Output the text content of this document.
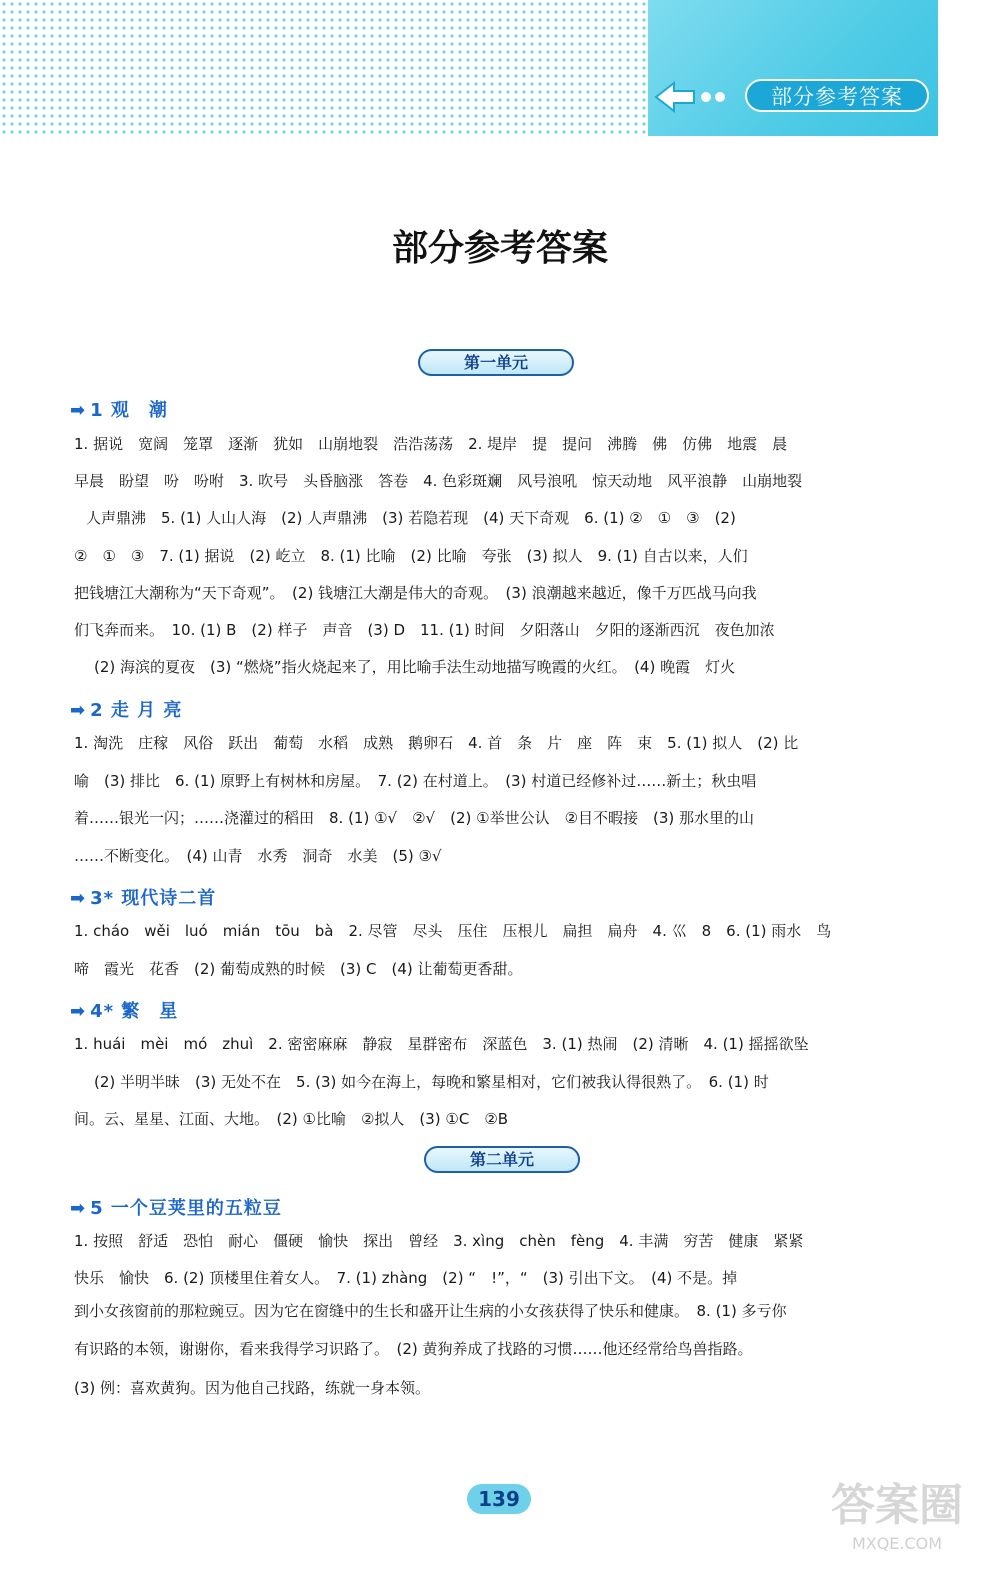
部分参考答案
部分参考答案
第一单元
➡ 1 观　潮
1. 据说　宽阔　笼罩　逐渐　犹如　山崩地裂　浩浩荡荡　2. 堤岸　提　提问　沸腾　佛　仿佛　地震　晨
早晨　盼望　吩　吩咐　3. 吹号　头昏脑涨　答卷　4. 色彩斑斓　风号浪吼　惊天动地　风平浪静　山崩地裂
人声鼎沸　5. (1) 人山人海　(2) 人声鼎沸　(3) 若隐若现　(4) 天下奇观　6. (1) ②　①　③　(2)
②　①　③　7. (1) 据说　(2) 屹立　8. (1) 比喻　(2) 比喻　夸张　(3) 拟人　9. (1) 自古以来，人们
把钱塘江大潮称为“天下奇观”。　(2) 钱塘江大潮是伟大的奇观。　(3) 浪潮越来越近，像千万匹战马向我
们飞奔而来。　10. (1) B　(2) 样子　声音　(3) D　11. (1) 时间　夕阳落山　夕阳的逐渐西沉　夜色加浓
(2) 海滨的夏夜　(3) “燃烧”指火烧起来了，用比喻手法生动地描写晚霞的火红。　(4) 晚霞　灯火
➡ 2 走 月 亮
1. 淘洗　庄稼　风俗　跃出　葡萄　水稻　成熟　鹅卵石　4. 首　条　片　座　阵　束　5. (1) 拟人　(2) 比
喻　(3) 排比　6. (1) 原野上有树林和房屋。　7. (2) 在村道上。　(3) 村道已经修补过……新土；秋虫唱
着……银光一闪；……浇灌过的稻田　8. (1) ①√　②√　(2) ①举世公认　②目不暇接　(3) 那水里的山
……不断变化。　(4) 山青　水秀　洞奇　水美　(5) ③√
➡ 3* 现代诗二首
1. cháo　wěi　luó　mián　tōu　bà　2. 尽管　尽头　压住　压根儿　扁担　扁舟　4. 巛　8　6. (1) 雨水　鸟
啼　霞光　花香　(2) 葡萄成熟的时候　(3) C　(4) 让葡萄更香甜。
➡ 4* 繁　星
1. huái　mèi　mó　zhuì　2. 密密麻麻　静寂　星群密布　深蓝色　3. (1) 热闹　(2) 清晰　4. (1) 摇摇欲坠
(2) 半明半昧　(3) 无处不在　5. (3) 如今在海上，每晚和繁星相对，它们被我认得很熟了。　6. (1) 时
间。云、星星、江面、大地。　(2) ①比喻　②拟人　(3) ①C　②B
第二单元
➡ 5 一个豆荚里的五粒豆
1. 按照　舒适　恐怕　耐心　僵硬　愉快　探出　曾经　3. xìng　chèn　fèng　4. 丰满　穷苦　健康　紧紧
快乐　愉快　6. (2) 顶楼里住着女人。　7. (1) zhàng　(2) “　!”，“　(3) 引出下文。　(4) 不是。掉
到小女孩窗前的那粒豌豆。因为它在窗缝中的生长和盛开让生病的小女孩获得了快乐和健康。　8. (1) 多亏你
有识路的本领，谢谢你，看来我得学习识路了。　(2) 黄狗养成了找路的习惯……他还经常给鸟兽指路。
(3) 例：喜欢黄狗。因为他自己找路，练就一身本领。
139	答案圈
MXQE.COM
